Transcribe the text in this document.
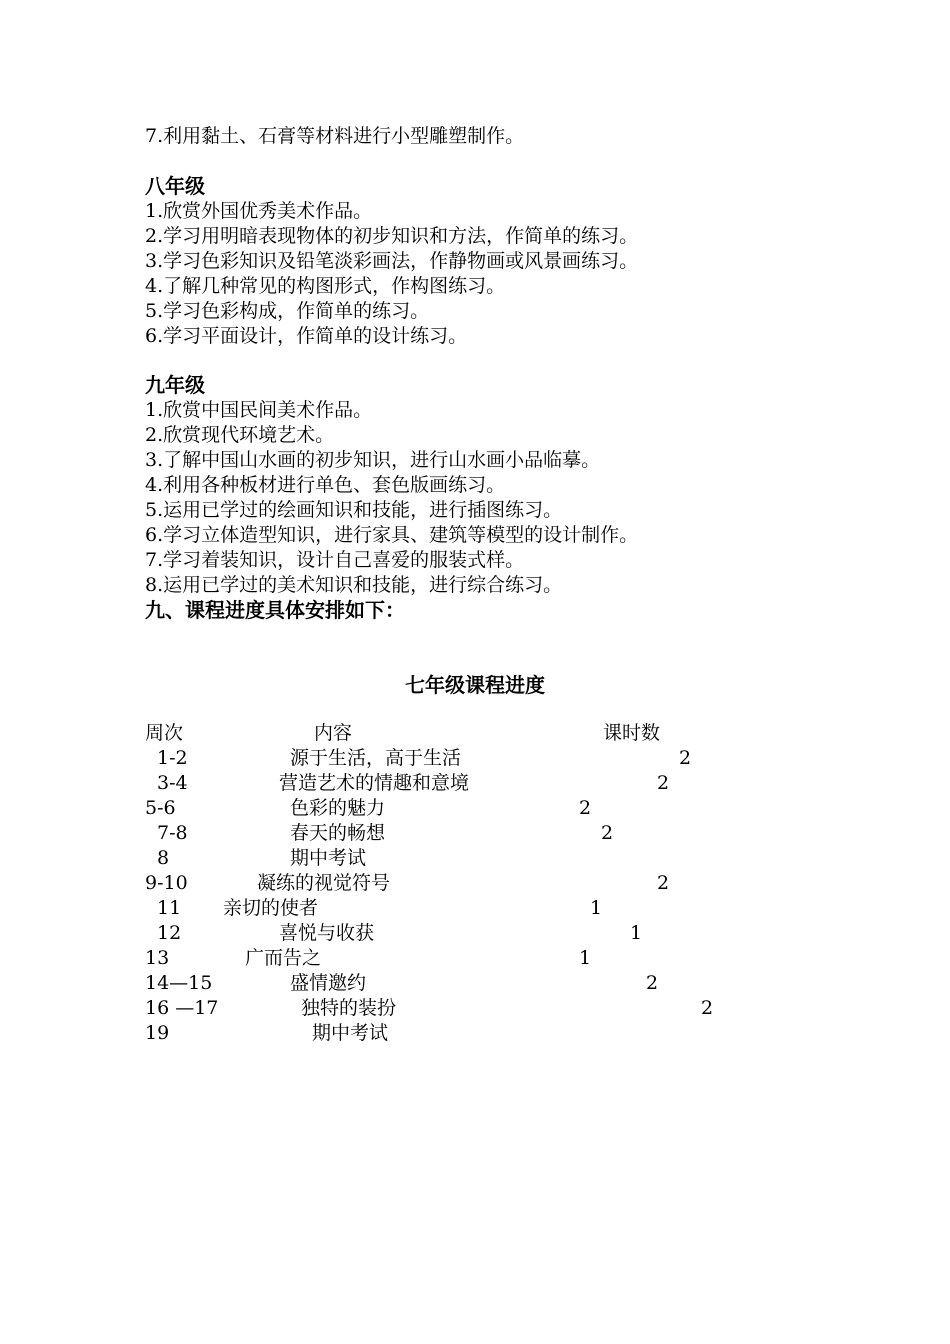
7.利用黏土、石膏等材料进行小型雕塑制作。
八年级
1.欣赏外国优秀美术作品。
2.学习用明暗表现物体的初步知识和方法，作简单的练习。
3.学习色彩知识及铅笔淡彩画法，作静物画或风景画练习。
4.了解几种常见的构图形式，作构图练习。
5.学习色彩构成，作简单的练习。
6.学习平面设计，作简单的设计练习。
九年级
1.欣赏中国民间美术作品。
2.欣赏现代环境艺术。
3.了解中国山水画的初步知识，进行山水画小品临摹。
4.利用各种板材进行单色、套色版画练习。
5.运用已学过的绘画知识和技能，进行插图练习。
6.学习立体造型知识，进行家具、建筑等模型的设计制作。
7.学习着装知识，设计自己喜爱的服装式样。
8.运用已学过的美术知识和技能，进行综合练习。
九、课程进度具体安排如下：
七年级课程进度
周次	内容	课时数
1-2	源于生活，高于生活	2
3-4	营造艺术的情趣和意境	2
5-6	色彩的魅力	2
7-8	春天的畅想	2
8	期中考试
9-10	凝练的视觉符号	2
11 亲切的使者	1
12	喜悦与收获	1
13	广而告之	1
14—15	盛情邀约	2
16 —17	独特的装扮	2
19	期中考试
